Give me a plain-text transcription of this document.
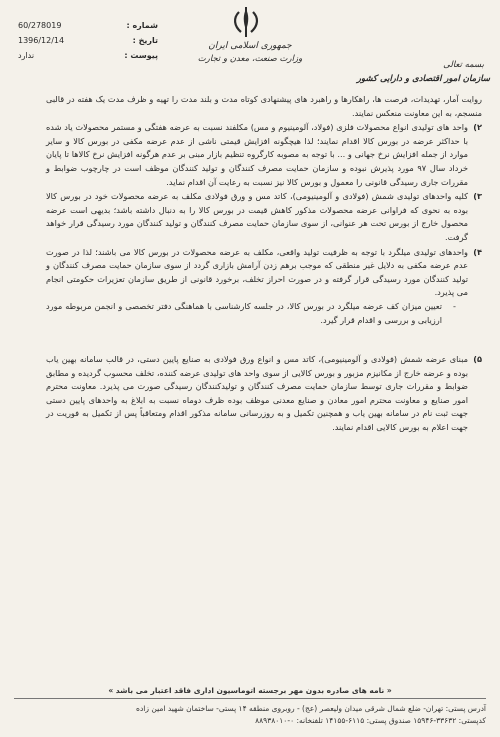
جمهوری اسلامی ایران
وزارت صنعت، معدن و تجارت
بسمه تعالی
سازمان امور اقتصادی و دارایی کشور
60/278019	شماره :
1396/12/14	تاریخ :
ندارد	پیوست :

روایت آمار، تهدیدات، فرصت ها، راهکارها و راهبرد های پیشنهادی کوتاه مدت و بلند مدت را تهیه و ظرف مدت یک هفته در قالبی منسجم، به این معاونت منعکس نمایند.

۲)
واحد های تولیدی انواع محصولات فلزی (فولاد، آلومینیوم و مس) مکلفند نسبت به عرضه هفتگی و مستمر محصولات یاد شده با حداکثر عرضه در بورس کالا اقدام نمایند؛ لذا هیچگونه افزایش قیمتی ناشی از عدم عرضه مکفی در بورس کالا و سایر موارد از جمله افزایش نرخ جهانی و ... با توجه به مصوبه کارگروه تنظیم بازار مبنی بر عدم هرگونه افزایش نرخ کالاها تا پایان خرداد سال ۹۷ مورد پذیرش نبوده و سازمان حمایت مصرف کنندگان و تولید کنندگان موظف است در چارچوب ضوابط و مقررات جاری رسیدگی قانونی را معمول و بورس کالا نیز نسبت به رعایت آن اقدام نماید.
۳)
کلیه واحدهای تولیدی شمش (فولادی و آلومینیومی)، کاتد مس و ورق فولادی مکلف به عرضه محصولات خود در بورس کالا بوده به نحوی که فراوانی عرضه محصولات مذکور کاهش قیمت در بورس کالا را به دنبال داشته باشد؛ بدیهی است عرضه محصول خارج از بورس تحت هر عنوانی، از سوی سازمان حمایت مصرف کنندگان و تولید کنندگان مورد رسیدگی قرار خواهد گرفت.
۴)
واحدهای تولیدی میلگرد با توجه به ظرفیت تولید واقعی، مکلف به عرضه محصولات در بورس کالا می باشند؛ لذا در صورت عدم عرضه مکفی به دلایل غیر منطقی که موجب برهم زدن آرامش بازاری گردد از سوی سازمان حمایت مصرف کنندگان و تولید کنندگان مورد رسیدگی قرار گرفته و در صورت احراز تخلف، برخورد قانونی از طریق سازمان تعزیرات حکومتی انجام می پذیرد.
-
تعیین میزان کف عرضه میلگرد در بورس کالا، در جلسه کارشناسی با هماهنگی دفتر تخصصی و انجمن مربوطه مورد ارزیابی و بررسی و اقدام قرار گیرد.
۵)
مبنای عرضه شمش (فولادی و آلومینیومی)، کاتد مس و انواع ورق فولادی به صنایع پایین دستی، در قالب سامانه بهین یاب بوده و عرضه خارج از مکانیزم مزبور و بورس کالایی از سوی واحد های تولیدی عرضه کننده، تخلف محسوب گردیده و مطابق ضوابط و مقررات جاری توسط سازمان حمایت مصرف کنندگان و تولیدکنندگان رسیدگی صورت می پذیرد. معاونت محترم امور صنایع و معاونت محترم امور معادن و صنایع معدنی موظف بوده ظرف دوماه نسبت به ابلاغ به واحدهای پایین دستی جهت ثبت نام در سامانه بهین یاب و همچنین تکمیل و به روزرسانی سامانه مذکور اقدام ومتعاقباً پس از تکمیل به فوریت در جهت اعلام به بورس کالایی اقدام نمایند.
« نامه های صادره بدون مهر برجسته اتوماسیون اداری فاقد اعتبار می باشد »
آدرس پستی: تهران- ضلع شمال شرقی میدان ولیعصر (عج) - روبروی منطقه ۱۴ پستی- ساختمان شهید امین زاده
کدپستی: ۳۳۶۳۲-۱۵۹۴۶ صندوق پستی: ۶۱۱۵-۱۴۱۵۵ تلفنخانه: ۰-۸۸۹۳۸۰۱۰
